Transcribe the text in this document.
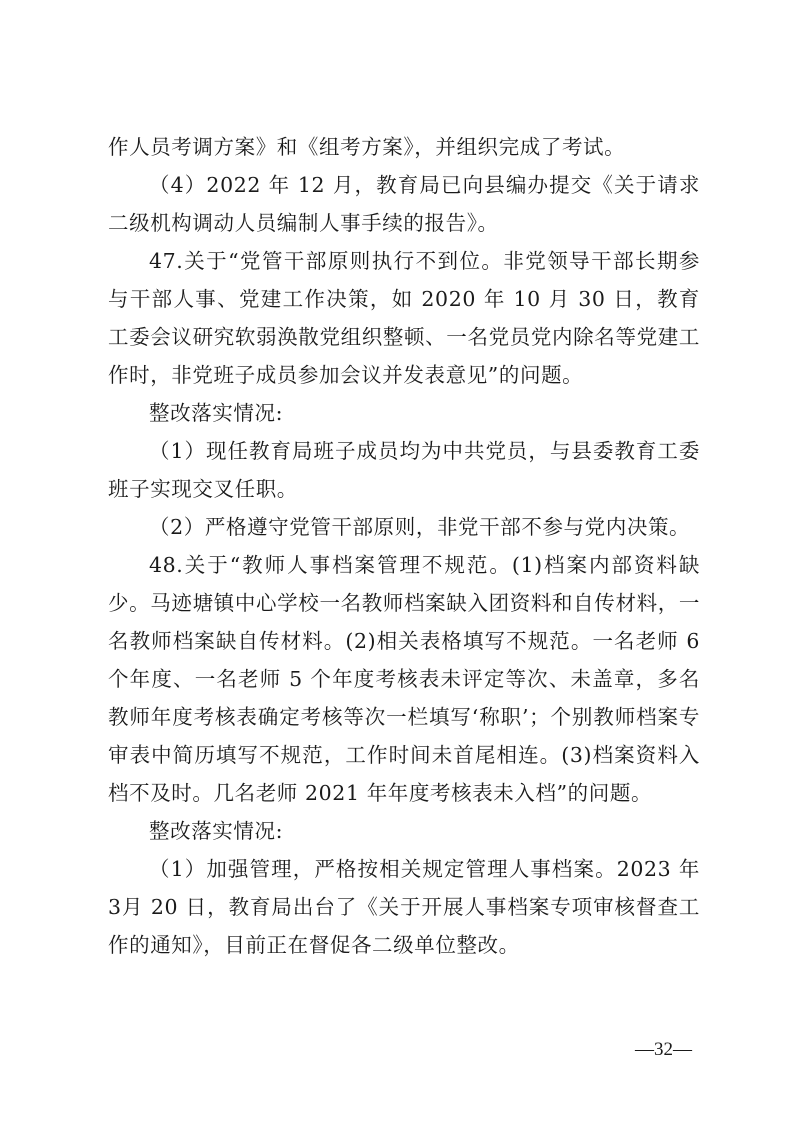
作人员考调方案》和《组考方案》，并组织完成了考试。

（4）2022 年 12 月，教育局已向县编办提交《关于请求二级机构调动人员编制人事手续的报告》。

47.关于“党管干部原则执行不到位。非党领导干部长期参与干部人事、党建工作决策，如 2020 年 10 月 30 日，教育工委会议研究软弱涣散党组织整顿、一名党员党内除名等党建工作时，非党班子成员参加会议并发表意见”的问题。

整改落实情况:

（1）现任教育局班子成员均为中共党员，与县委教育工委班子实现交叉任职。

（2）严格遵守党管干部原则，非党干部不参与党内决策。

48.关于“教师人事档案管理不规范。(1)档案内部资料缺少。马迹塘镇中心学校一名教师档案缺入团资料和自传材料，一名教师档案缺自传材料。(2)相关表格填写不规范。一名老师 6 个年度、一名老师 5 个年度考核表未评定等次、未盖章，多名教师年度考核表确定考核等次一栏填写‘称职’；个别教师档案专审表中简历填写不规范，工作时间未首尾相连。(3)档案资料入档不及时。几名老师 2021 年年度考核表未入档”的问题。

整改落实情况:

（1）加强管理，严格按相关规定管理人事档案。2023 年 3月 20 日，教育局出台了《关于开展人事档案专项审核督查工作的通知》，目前正在督促各二级单位整改。

—32—
